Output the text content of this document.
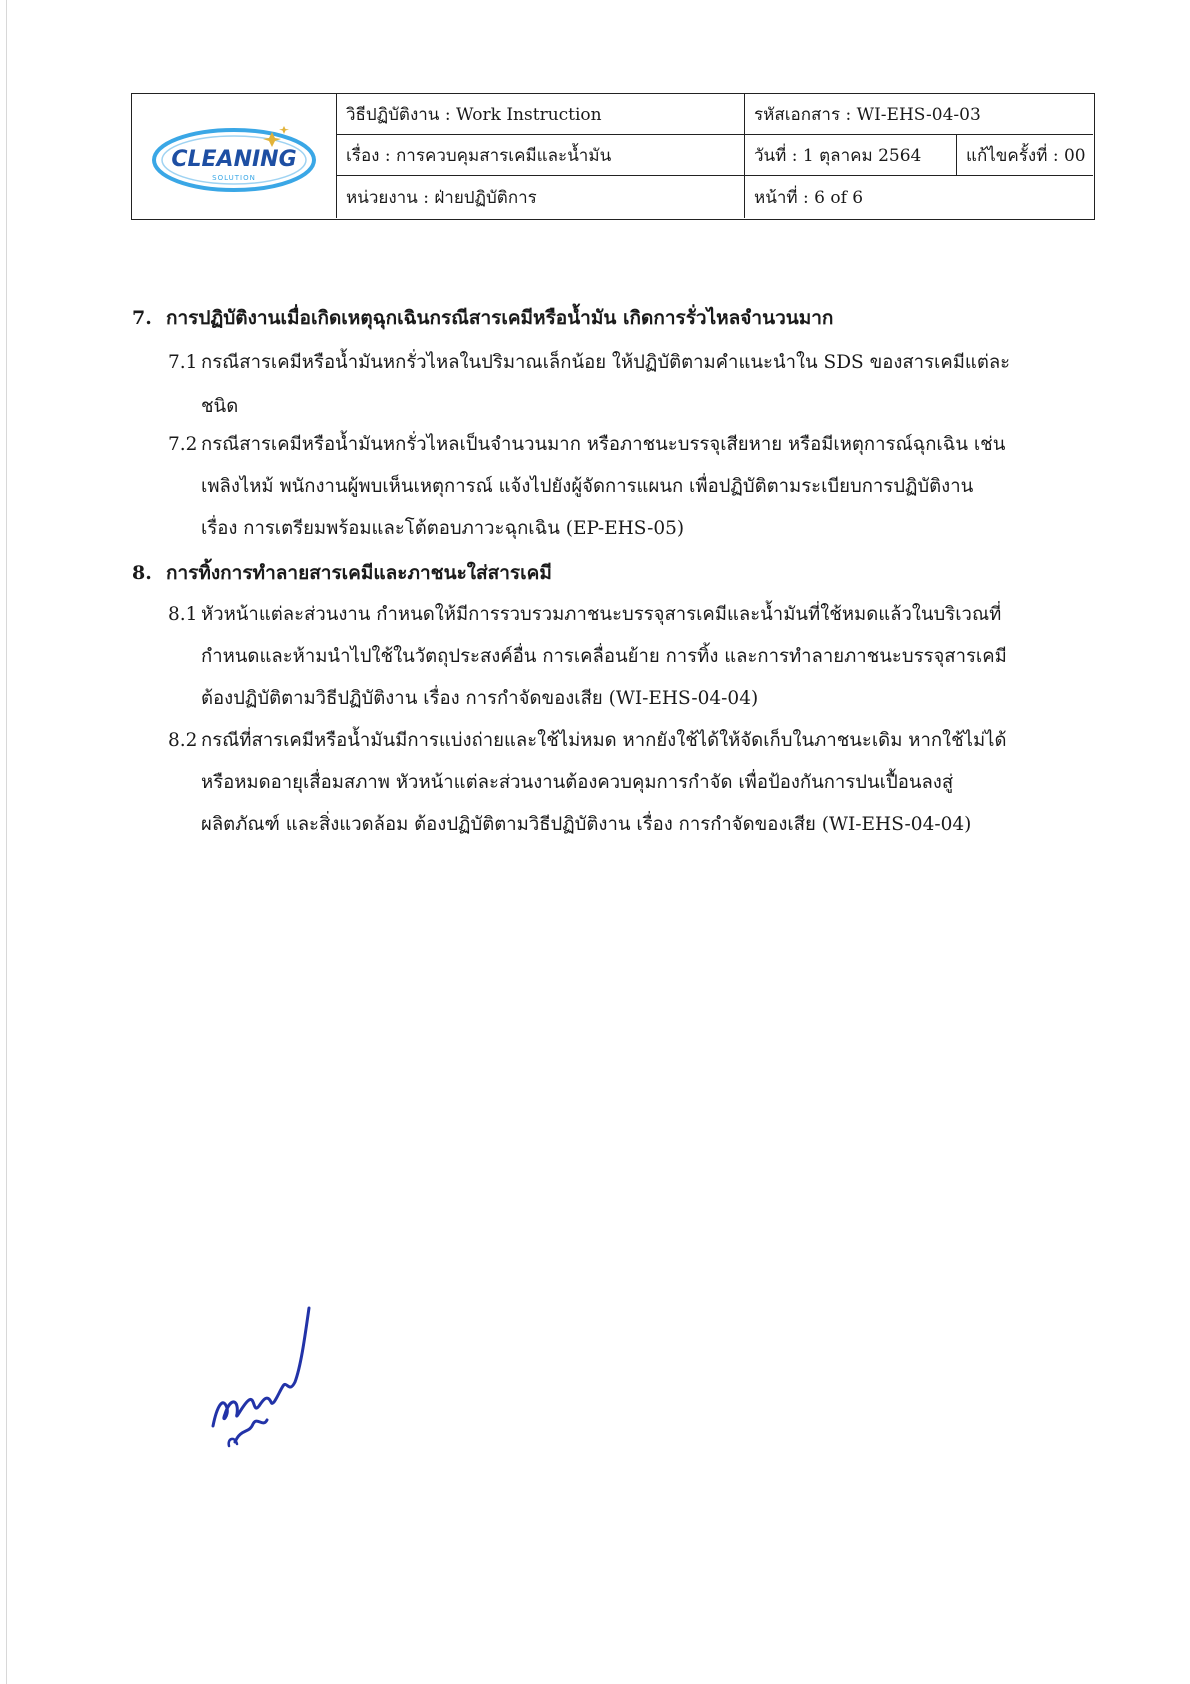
CLEANING
SOLUTION
วิธีปฏิบัติงาน : Work Instruction
เรื่อง : การควบคุมสารเคมีและน้ำมัน
หน่วยงาน : ฝ่ายปฏิบัติการ
รหัสเอกสาร : WI-EHS-04-03
วันที่ : 1 ตุลาคม 2564	แก้ไขครั้งที่ : 00
หน้าที่ : 6 of 6
7. การปฏิบัติงานเมื่อเกิดเหตุฉุกเฉินกรณีสารเคมีหรือน้ำมัน เกิดการรั่วไหลจำนวนมาก
7.1 กรณีสารเคมีหรือน้ำมันหกรั่วไหลในปริมาณเล็กน้อย ให้ปฏิบัติตามคำแนะนำใน SDS ของสารเคมีแต่ละ
ชนิด
7.2 กรณีสารเคมีหรือน้ำมันหกรั่วไหลเป็นจำนวนมาก หรือภาชนะบรรจุเสียหาย หรือมีเหตุการณ์ฉุกเฉิน เช่น
เพลิงไหม้ พนักงานผู้พบเห็นเหตุการณ์ แจ้งไปยังผู้จัดการแผนก เพื่อปฏิบัติตามระเบียบการปฏิบัติงาน
เรื่อง การเตรียมพร้อมและโต้ตอบภาวะฉุกเฉิน (EP-EHS-05)
8. การทิ้งการทำลายสารเคมีและภาชนะใส่สารเคมี
8.1 หัวหน้าแต่ละส่วนงาน กำหนดให้มีการรวบรวมภาชนะบรรจุสารเคมีและน้ำมันที่ใช้หมดแล้วในบริเวณที่
กำหนดและห้ามนำไปใช้ในวัตถุประสงค์อื่น การเคลื่อนย้าย การทิ้ง และการทำลายภาชนะบรรจุสารเคมี
ต้องปฏิบัติตามวิธีปฏิบัติงาน เรื่อง การกำจัดของเสีย (WI-EHS-04-04)
8.2 กรณีที่สารเคมีหรือน้ำมันมีการแบ่งถ่ายและใช้ไม่หมด หากยังใช้ได้ให้จัดเก็บในภาชนะเดิม หากใช้ไม่ได้
หรือหมดอายุเสื่อมสภาพ หัวหน้าแต่ละส่วนงานต้องควบคุมการกำจัด เพื่อป้องกันการปนเปื้อนลงสู่
ผลิตภัณฑ์ และสิ่งแวดล้อม ต้องปฏิบัติตามวิธีปฏิบัติงาน เรื่อง การกำจัดของเสีย (WI-EHS-04-04)
